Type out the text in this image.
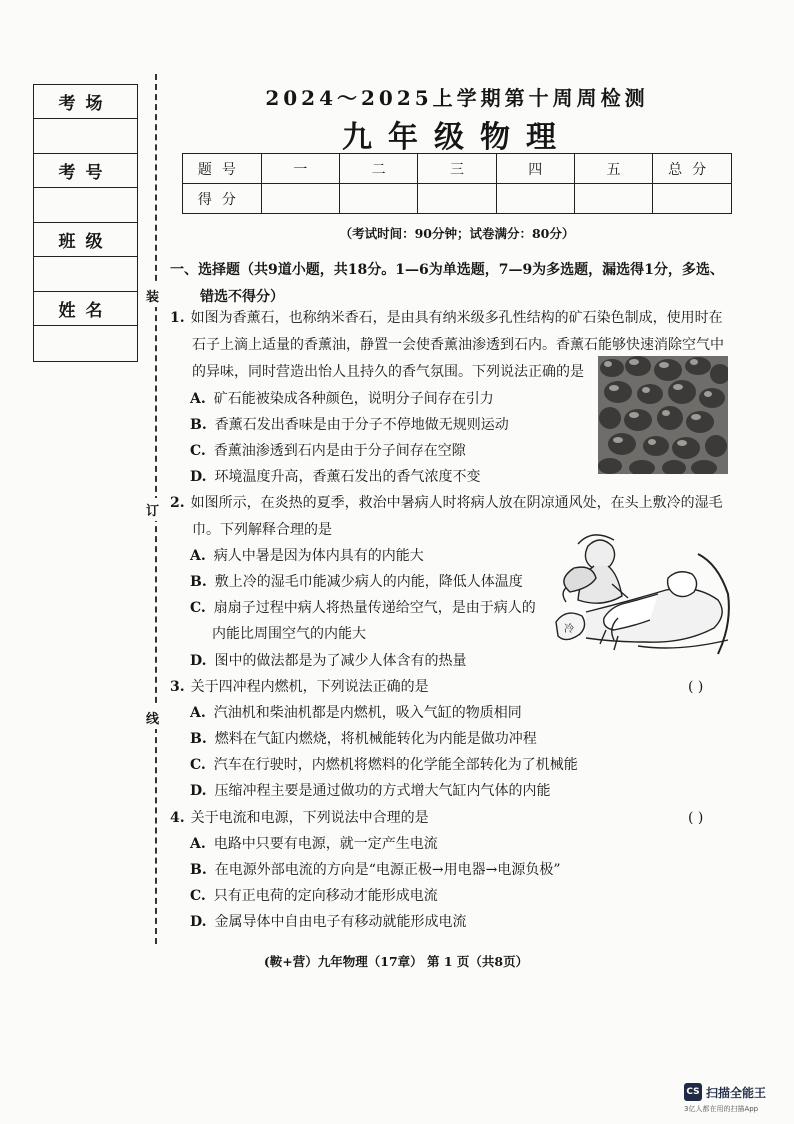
考场
考号
班级
姓名
装
订
线
2024～2025上学期第十周周检测
九年级物理
题号	一	二	三	四	五	总分
得分						
（考试时间：90分钟；试卷满分：80分）
一、选择题（共9道小题，共18分。1—6为单选题，7—9为多选题，漏选得1分，多选、
错选不得分）
1. 如图为香薰石，也称纳米香石，是由具有纳米级多孔性结构的矿石染色制成，使用时在
石子上滴上适量的香薰油，静置一会使香薰油渗透到石内。香薰石能够快速消除空气中
的异味，同时营造出怡人且持久的香气氛围。下列说法正确的是
A. 矿石能被染成各种颜色，说明分子间存在引力
B. 香薰石发出香味是由于分子不停地做无规则运动
C. 香薰油渗透到石内是由于分子间存在空隙
D. 环境温度升高，香薰石发出的香气浓度不变
2. 如图所示，在炎热的夏季，救治中暑病人时将病人放在阴凉通风处，在头上敷冷的湿毛
巾。下列解释合理的是
A. 病人中暑是因为体内具有的内能大
B. 敷上冷的湿毛巾能减少病人的内能，降低人体温度
C. 扇扇子过程中病人将热量传递给空气，是由于病人的
内能比周围空气的内能大
D. 图中的做法都是为了减少人体含有的热量
冷
3. 关于四冲程内燃机，下列说法正确的是	( )
A. 汽油机和柴油机都是内燃机，吸入气缸的物质相同
B. 燃料在气缸内燃烧，将机械能转化为内能是做功冲程
C. 汽车在行驶时，内燃机将燃料的化学能全部转化为了机械能
D. 压缩冲程主要是通过做功的方式增大气缸内气体的内能
4. 关于电流和电源，下列说法中合理的是	( )
A. 电路中只要有电源，就一定产生电流
B. 在电源外部电流的方向是“电源正极→用电器→电源负极”
C. 只有正电荷的定向移动才能形成电流
D. 金属导体中自由电子有移动就能形成电流
(鞍+营）九年物理（17章） 第 1 页（共8页）
CS 扫描全能王
3亿人都在用的扫描App
